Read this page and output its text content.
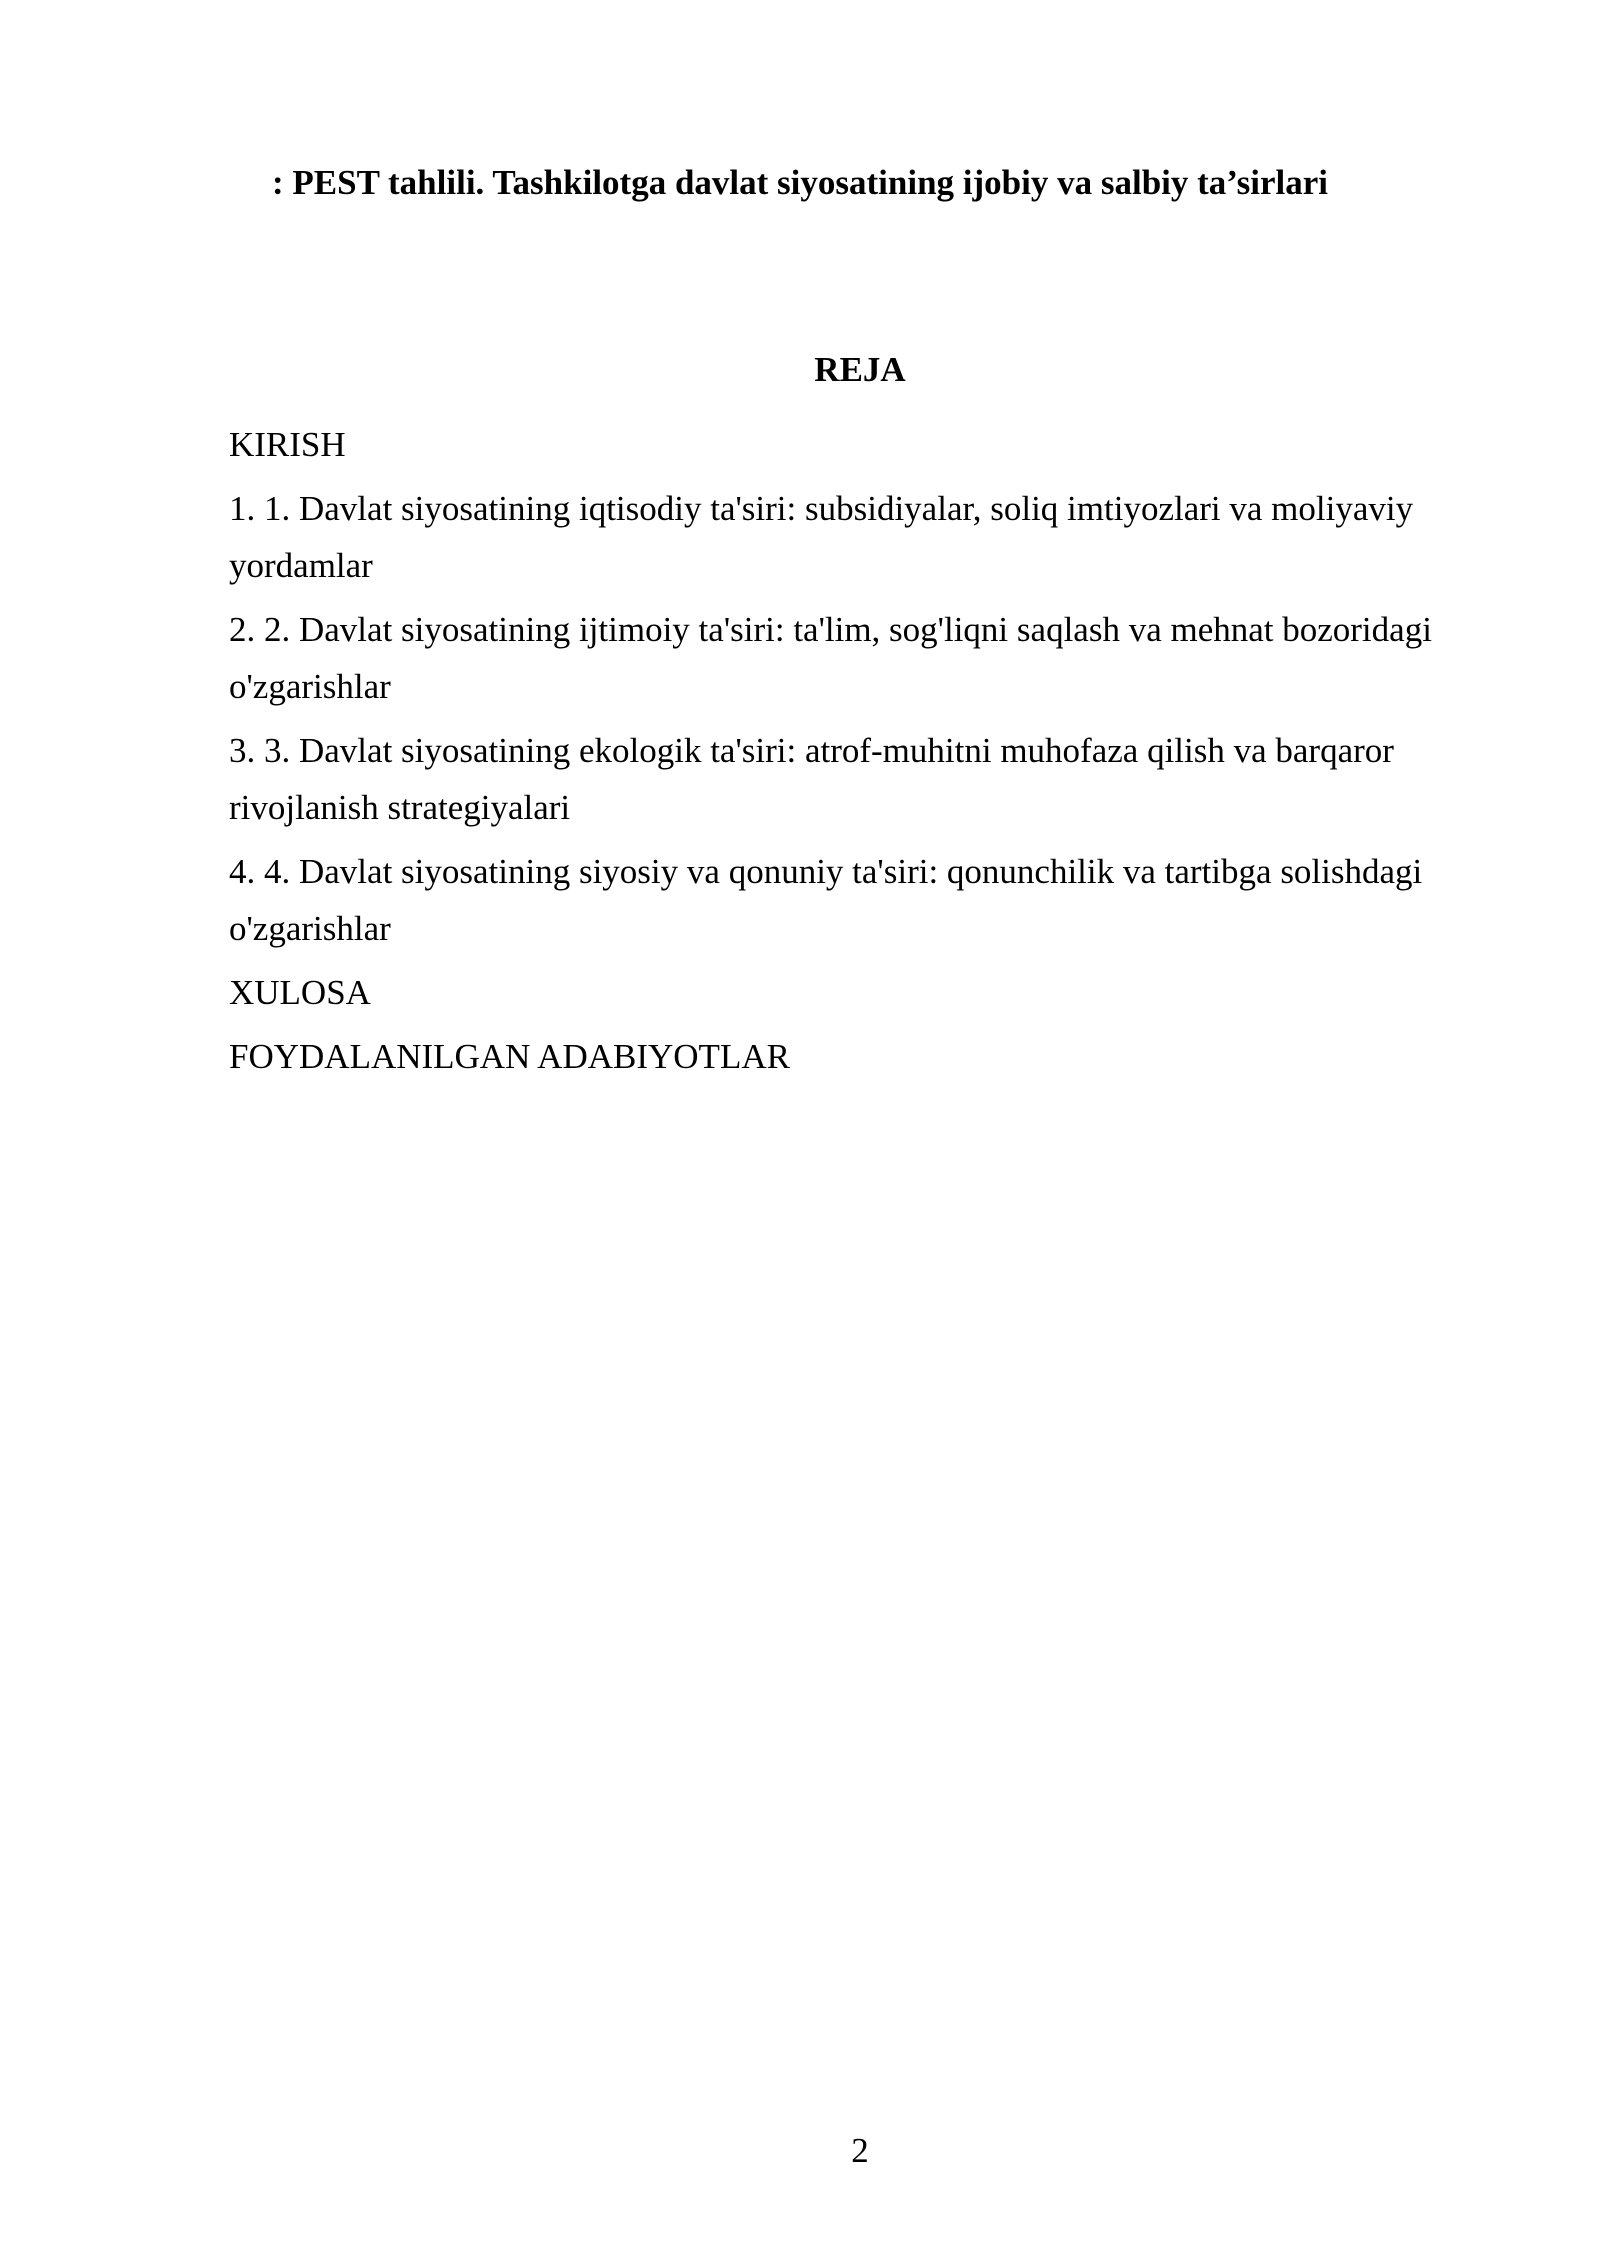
: PEST tahlili. Tashkilotga davlat siyosatining ijobiy va salbiy ta’sirlari
REJA
KIRISH
1. 1. Davlat siyosatining iqtisodiy ta'siri: subsidiyalar, soliq imtiyozlari va moliyaviy yordamlar
2. 2. Davlat siyosatining ijtimoiy ta'siri: ta'lim, sog'liqni saqlash va mehnat bozoridagi o'zgarishlar
3. 3. Davlat siyosatining ekologik ta'siri: atrof-muhitni muhofaza qilish va barqaror rivojlanish strategiyalari
4. 4. Davlat siyosatining siyosiy va qonuniy ta'siri: qonunchilik va tartibga solishdagi o'zgarishlar
XULOSA
FOYDALANILGAN ADABIYOTLAR
2
